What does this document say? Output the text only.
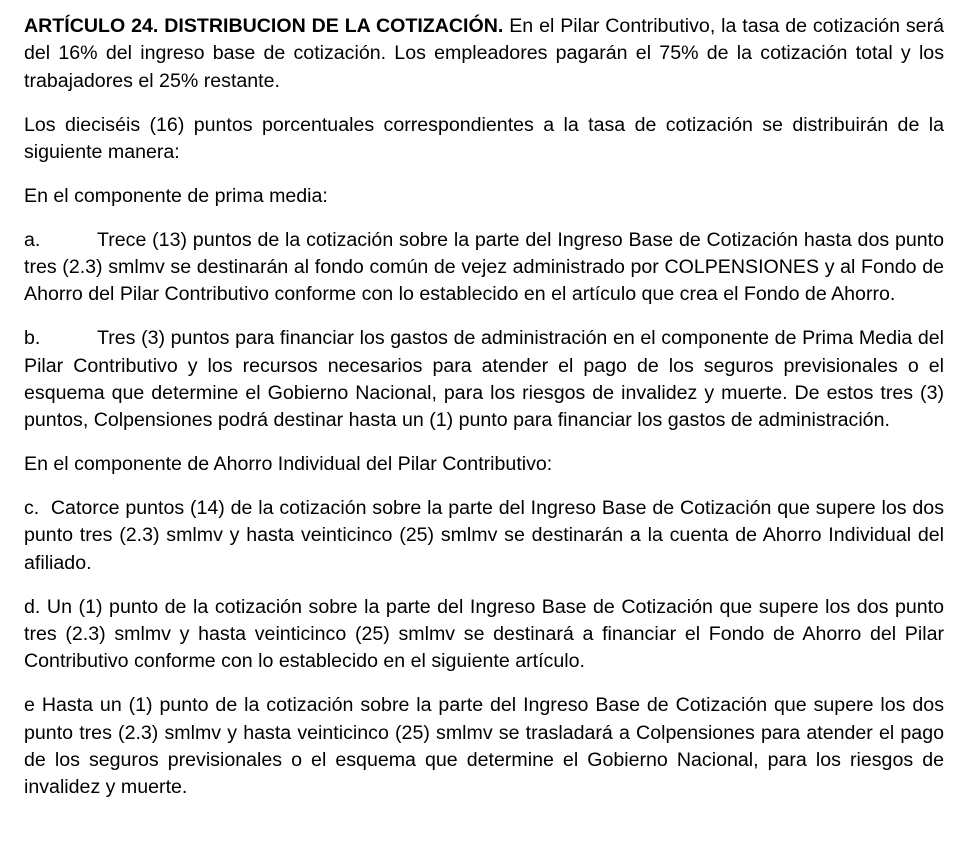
ARTÍCULO 24. DISTRIBUCION DE LA COTIZACIÓN. En el Pilar Contributivo, la tasa de cotización será del 16% del ingreso base de cotización. Los empleadores pagarán el 75% de la cotización total y los trabajadores el 25% restante.

Los dieciséis (16) puntos porcentuales correspondientes a la tasa de cotización se distribuirán de la siguiente manera:

En el componente de prima media:

a.	Trece (13) puntos de la cotización sobre la parte del Ingreso Base de Cotización hasta dos punto tres (2.3) smlmv se destinarán al fondo común de vejez administrado por COLPENSIONES y al Fondo de Ahorro del Pilar Contributivo conforme con lo establecido en el artículo que crea el Fondo de Ahorro.

b.	Tres (3) puntos para financiar los gastos de administración en el componente de Prima Media del Pilar Contributivo y los recursos necesarios para atender el pago de los seguros previsionales o el esquema que determine el Gobierno Nacional, para los riesgos de invalidez y muerte. De estos tres (3) puntos, Colpensiones podrá destinar hasta un (1) punto para financiar los gastos de administración.

En el componente de Ahorro Individual del Pilar Contributivo:

c. Catorce puntos (14) de la cotización sobre la parte del Ingreso Base de Cotización que supere los dos punto tres (2.3) smlmv y hasta veinticinco (25) smlmv se destinarán a la cuenta de Ahorro Individual del afiliado.

d. Un (1) punto de la cotización sobre la parte del Ingreso Base de Cotización que supere los dos punto tres (2.3) smlmv y hasta veinticinco (25) smlmv se destinará a financiar el Fondo de Ahorro del Pilar Contributivo conforme con lo establecido en el siguiente artículo.

e Hasta un (1) punto de la cotización sobre la parte del Ingreso Base de Cotización que supere los dos punto tres (2.3) smlmv y hasta veinticinco (25) smlmv se trasladará a Colpensiones para atender el pago de los seguros previsionales o el esquema que determine el Gobierno Nacional, para los riesgos de invalidez y muerte.
